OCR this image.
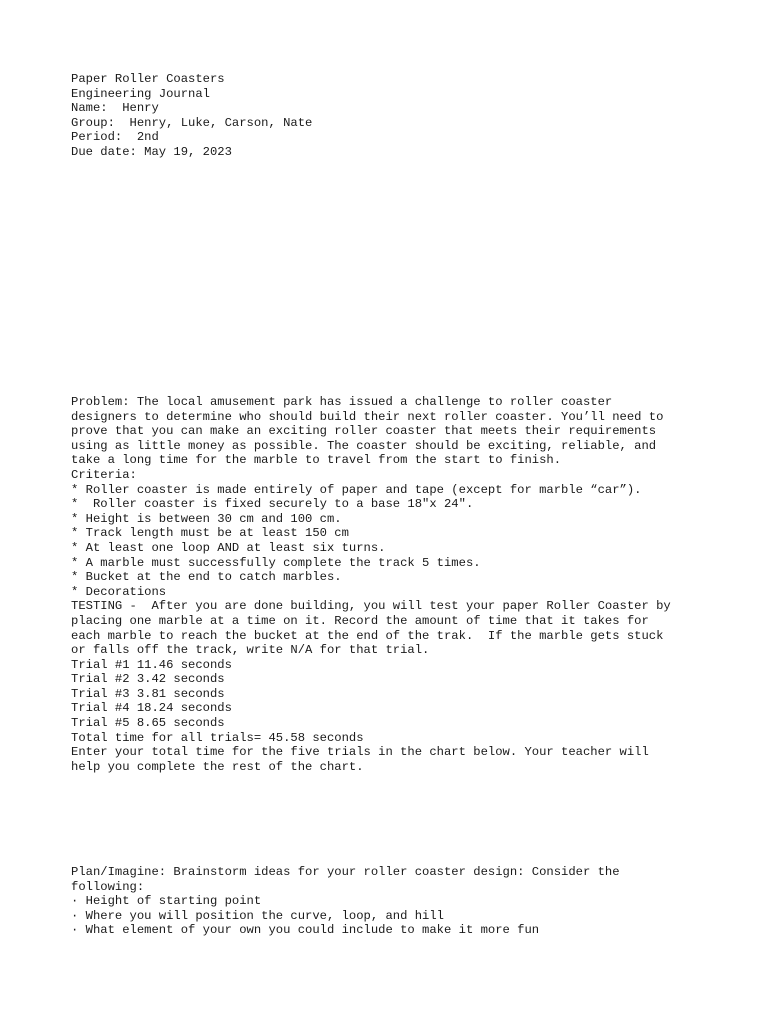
Paper Roller Coasters
Engineering Journal
Name:  Henry
Group:  Henry, Luke, Carson, Nate
Period:  2nd
Due date: May 19, 2023
Problem: The local amusement park has issued a challenge to roller coaster
designers to determine who should build their next roller coaster. You’ll need to
prove that you can make an exciting roller coaster that meets their requirements
using as little money as possible. The coaster should be exciting, reliable, and
take a long time for the marble to travel from the start to finish.
Criteria:
* Roller coaster is made entirely of paper and tape (except for marble “car”).
*  Roller coaster is fixed securely to a base 18″x 24″.
* Height is between 30 cm and 100 cm.
* Track length must be at least 150 cm
* At least one loop AND at least six turns.
* A marble must successfully complete the track 5 times.
* Bucket at the end to catch marbles.
* Decorations
TESTING -  After you are done building, you will test your paper Roller Coaster by
placing one marble at a time on it. Record the amount of time that it takes for
each marble to reach the bucket at the end of the trak.  If the marble gets stuck
or falls off the track, write N/A for that trial.
Trial #1 11.46 seconds
Trial #2 3.42 seconds
Trial #3 3.81 seconds
Trial #4 18.24 seconds
Trial #5 8.65 seconds
Total time for all trials= 45.58 seconds
Enter your total time for the five trials in the chart below. Your teacher will
help you complete the rest of the chart.
Plan/Imagine: Brainstorm ideas for your roller coaster design: Consider the
following:
· Height of starting point
· Where you will position the curve, loop, and hill
· What element of your own you could include to make it more fun
